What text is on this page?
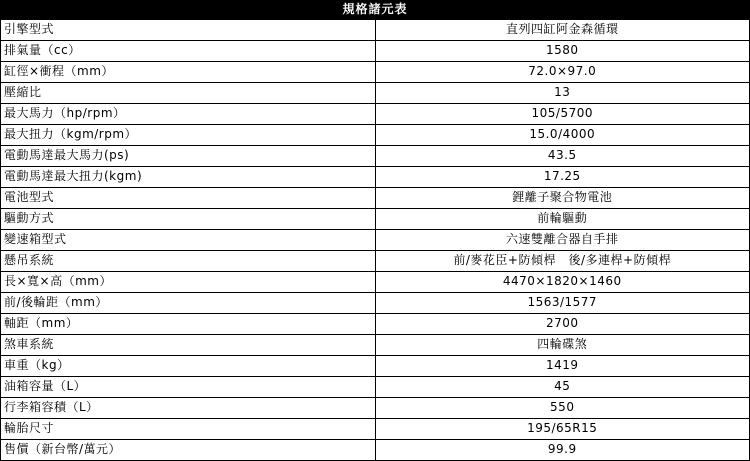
規格諸元表	
引擎型式	直列四缸阿金森循環
排氣量（cc）	1580
缸徑×衝程（mm）	72.0×97.0
壓縮比	13
最大馬力（hp/rpm）	105/5700
最大扭力（kgm/rpm）	15.0/4000
電動馬達最大馬力(ps)	43.5
電動馬達最大扭力(kgm)	17.25
電池型式	鋰離子聚合物電池
驅動方式	前輪驅動
變速箱型式	六速雙離合器自手排
懸吊系統	前/麥花臣+防傾桿　後/多連桿+防傾桿
長×寬×高（mm）	4470×1820×1460
前/後輪距（mm）	1563/1577
軸距（mm）	2700
煞車系統	四輪碟煞
車重（kg）	1419
油箱容量（L）	45
行李箱容積（L）	550
輪胎尺寸	195/65R15
售價（新台幣/萬元）	99.9
